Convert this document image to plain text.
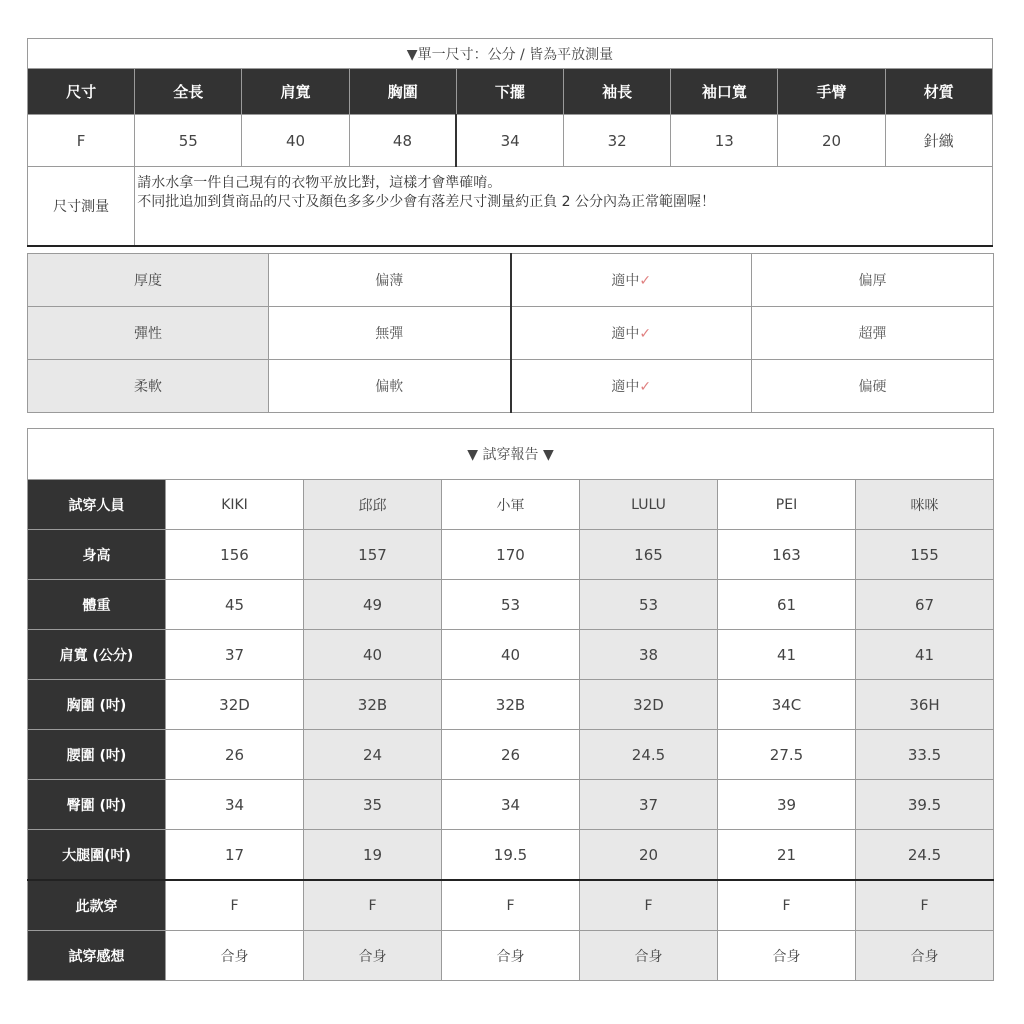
▼單一尺寸：公分 / 皆為平放測量								
尺寸	全長	肩寬	胸圍	下擺	袖長	袖口寬	手臂	材質
F	55	40	48	34	32	13	20	針織
尺寸測量	請水水拿一件自己現有的衣物平放比對，這樣才會準確唷。
不同批追加到貨商品的尺寸及顏色多多少少會有落差尺寸測量約正負 2 公分內為正常範圍喔！							
厚度	偏薄	適中✓	偏厚
彈性	無彈	適中✓	超彈
柔軟	偏軟	適中✓	偏硬
▼ 試穿報告 ▼						
試穿人員	KIKI	邱邱	小軍	LULU	PEI	咪咪
身高	156	157	170	165	163	155
體重	45	49	53	53	61	67
肩寬 (公分)	37	40	40	38	41	41
胸圍 (吋)	32D	32B	32B	32D	34C	36H
腰圍 (吋)	26	24	26	24.5	27.5	33.5
臀圍 (吋)	34	35	34	37	39	39.5
大腿圍(吋)	17	19	19.5	20	21	24.5
此款穿	F	F	F	F	F	F
試穿感想	合身	合身	合身	合身	合身	合身
